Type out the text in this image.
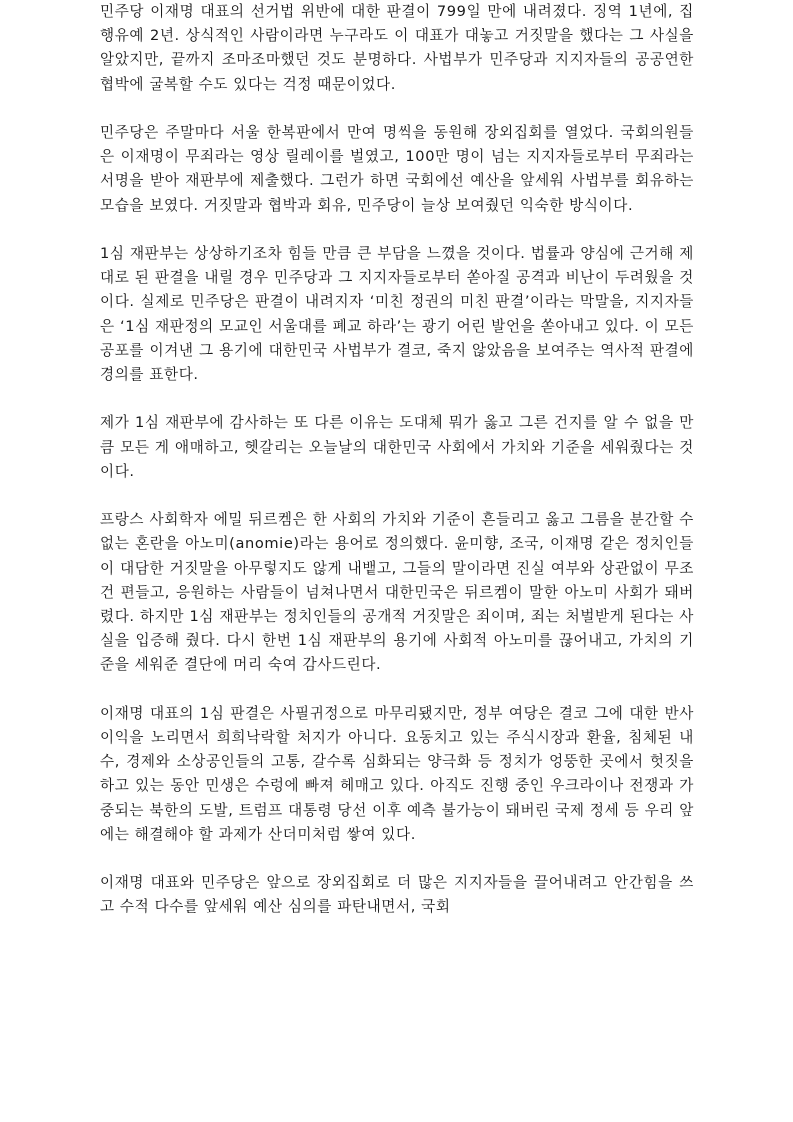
민주당 이재명 대표의 선거법 위반에 대한 판결이 799일 만에 내려졌다. 징역 1년에, 집행유예 2년. 상식적인 사람이라면 누구라도 이 대표가 대놓고 거짓말을 했다는 그 사실을 알았지만, 끝까지 조마조마했던 것도 분명하다. 사법부가 민주당과 지지자들의 공공연한 협박에 굴복할 수도 있다는 걱정 때문이었다.

민주당은 주말마다 서울 한복판에서 만여 명씩을 동원해 장외집회를 열었다. 국회의원들은 이재명이 무죄라는 영상 릴레이를 벌였고, 100만 명이 넘는 지지자들로부터 무죄라는 서명을 받아 재판부에 제출했다. 그런가 하면 국회에선 예산을 앞세워 사법부를 회유하는 모습을 보였다. 거짓말과 협박과 회유, 민주당이 늘상 보여줬던 익숙한 방식이다.

1심 재판부는 상상하기조차 힘들 만큼 큰 부담을 느꼈을 것이다. 법률과 양심에 근거해 제대로 된 판결을 내릴 경우 민주당과 그 지지자들로부터 쏟아질 공격과 비난이 두려웠을 것이다. 실제로 민주당은 판결이 내려지자 ‘미친 정권의 미친 판결’이라는 막말을, 지지자들은 ‘1심 재판정의 모교인 서울대를 폐교 하라’는 광기 어린 발언을 쏟아내고 있다. 이 모든 공포를 이겨낸 그 용기에 대한민국 사법부가 결코, 죽지 않았음을 보여주는 역사적 판결에 경의를 표한다.

제가 1심 재판부에 감사하는 또 다른 이유는 도대체 뭐가 옳고 그른 건지를 알 수 없을 만큼 모든 게 애매하고, 헷갈리는 오늘날의 대한민국 사회에서 가치와 기준을 세워줬다는 것이다.

프랑스 사회학자 에밀 뒤르켐은 한 사회의 가치와 기준이 흔들리고 옳고 그름을 분간할 수 없는 혼란을 아노미(anomie)라는 용어로 정의했다. 윤미향, 조국, 이재명 같은 정치인들이 대담한 거짓말을 아무렇지도 않게 내뱉고, 그들의 말이라면 진실 여부와 상관없이 무조건 편들고, 응원하는 사람들이 넘쳐나면서 대한민국은 뒤르켐이 말한 아노미 사회가 돼버렸다. 하지만 1심 재판부는 정치인들의 공개적 거짓말은 죄이며, 죄는 처벌받게 된다는 사실을 입증해 줬다. 다시 한번 1심 재판부의 용기에 사회적 아노미를 끊어내고, 가치의 기준을 세워준 결단에 머리 숙여 감사드린다.

이재명 대표의 1심 판결은 사필귀정으로 마무리됐지만, 정부 여당은 결코 그에 대한 반사이익을 노리면서 희희낙락할 처지가 아니다. 요동치고 있는 주식시장과 환율, 침체된 내수, 경제와 소상공인들의 고통, 갈수록 심화되는 양극화 등 정치가 엉뚱한 곳에서 헛짓을 하고 있는 동안 민생은 수렁에 빠져 헤매고 있다. 아직도 진행 중인 우크라이나 전쟁과 가중되는 북한의 도발, 트럼프 대통령 당선 이후 예측 불가능이 돼버린 국제 정세 등 우리 앞에는 해결해야 할 과제가 산더미처럼 쌓여 있다.

이재명 대표와 민주당은 앞으로 장외집회로 더 많은 지지자들을 끌어내려고 안간힘을 쓰고 수적 다수를 앞세워 예산 심의를 파탄내면서, 국회
